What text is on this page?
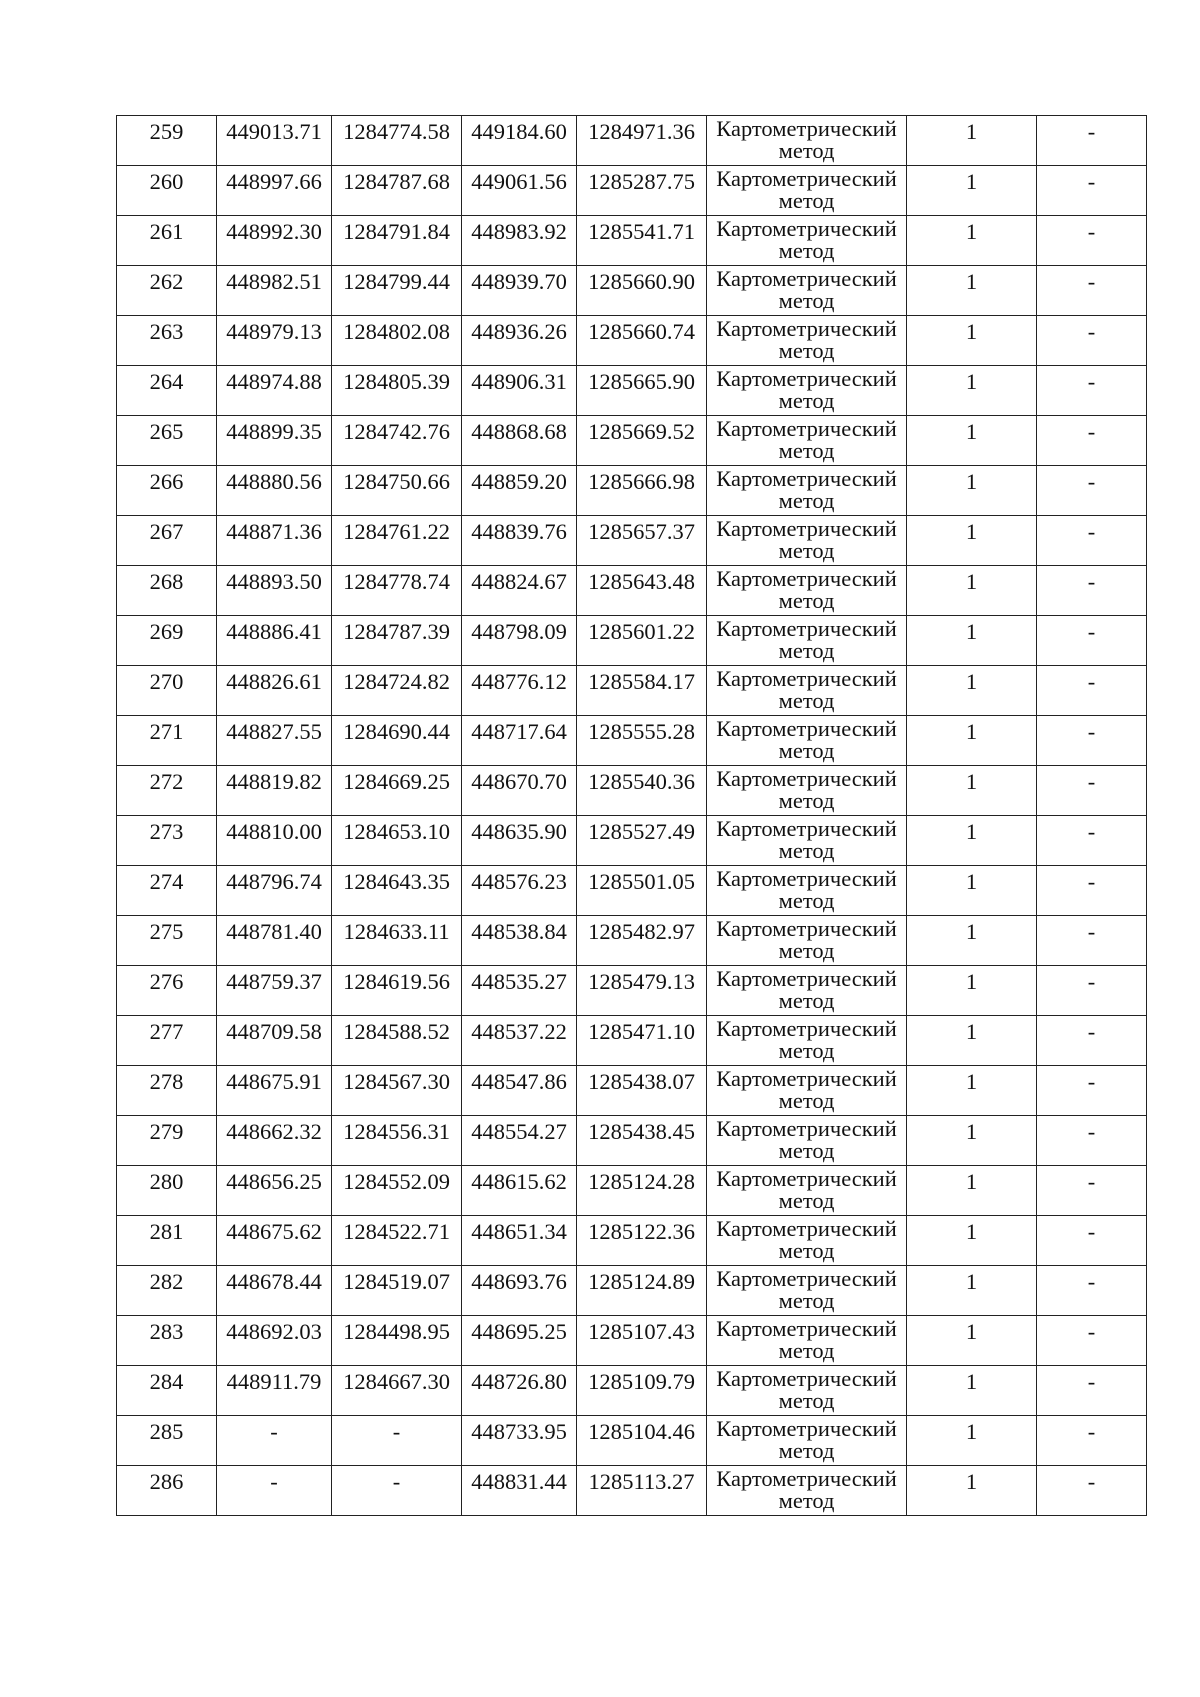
259	449013.71	1284774.58	449184.60	1284971.36	Картометрический
метод	1	-
260	448997.66	1284787.68	449061.56	1285287.75	Картометрический
метод	1	-
261	448992.30	1284791.84	448983.92	1285541.71	Картометрический
метод	1	-
262	448982.51	1284799.44	448939.70	1285660.90	Картометрический
метод	1	-
263	448979.13	1284802.08	448936.26	1285660.74	Картометрический
метод	1	-
264	448974.88	1284805.39	448906.31	1285665.90	Картометрический
метод	1	-
265	448899.35	1284742.76	448868.68	1285669.52	Картометрический
метод	1	-
266	448880.56	1284750.66	448859.20	1285666.98	Картометрический
метод	1	-
267	448871.36	1284761.22	448839.76	1285657.37	Картометрический
метод	1	-
268	448893.50	1284778.74	448824.67	1285643.48	Картометрический
метод	1	-
269	448886.41	1284787.39	448798.09	1285601.22	Картометрический
метод	1	-
270	448826.61	1284724.82	448776.12	1285584.17	Картометрический
метод	1	-
271	448827.55	1284690.44	448717.64	1285555.28	Картометрический
метод	1	-
272	448819.82	1284669.25	448670.70	1285540.36	Картометрический
метод	1	-
273	448810.00	1284653.10	448635.90	1285527.49	Картометрический
метод	1	-
274	448796.74	1284643.35	448576.23	1285501.05	Картометрический
метод	1	-
275	448781.40	1284633.11	448538.84	1285482.97	Картометрический
метод	1	-
276	448759.37	1284619.56	448535.27	1285479.13	Картометрический
метод	1	-
277	448709.58	1284588.52	448537.22	1285471.10	Картометрический
метод	1	-
278	448675.91	1284567.30	448547.86	1285438.07	Картометрический
метод	1	-
279	448662.32	1284556.31	448554.27	1285438.45	Картометрический
метод	1	-
280	448656.25	1284552.09	448615.62	1285124.28	Картометрический
метод	1	-
281	448675.62	1284522.71	448651.34	1285122.36	Картометрический
метод	1	-
282	448678.44	1284519.07	448693.76	1285124.89	Картометрический
метод	1	-
283	448692.03	1284498.95	448695.25	1285107.43	Картометрический
метод	1	-
284	448911.79	1284667.30	448726.80	1285109.79	Картометрический
метод	1	-
285	-	-	448733.95	1285104.46	Картометрический
метод	1	-
286	-	-	448831.44	1285113.27	Картометрический
метод	1	-
